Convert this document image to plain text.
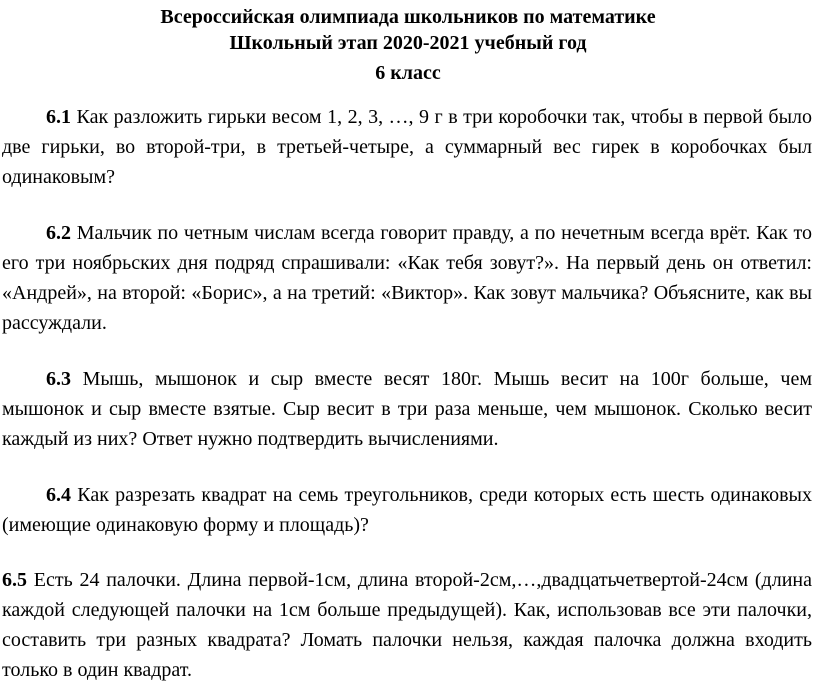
Всероссийская олимпиада школьников по математике
Школьный этап 2020-2021 учебный год
6 класс
6.1 Как разложить гирьки весом 1, 2, 3, …, 9 г в три коробочки так, чтобы в первой было две гирьки, во второй-три, в третьей-четыре, а суммарный вес гирек в коробочках был одинаковым?
6.2 Мальчик по четным числам всегда говорит правду, а по нечетным всегда врёт. Как то его три ноябрьских дня подряд спрашивали: «Как тебя зовут?». На первый день он ответил: «Андрей», на второй: «Борис», а на третий: «Виктор». Как зовут мальчика? Объясните, как вы рассуждали.
6.3 Мышь, мышонок и сыр вместе весят 180г. Мышь весит на 100г больше, чем мышонок и сыр вместе взятые. Сыр весит в три раза меньше, чем мышонок. Сколько весит каждый из них? Ответ нужно подтвердить вычислениями.
6.4 Как разрезать квадрат на семь треугольников, среди которых есть шесть одинаковых (имеющие одинаковую форму и площадь)?
6.5 Есть 24 палочки. Длина первой-1см, длина второй-2см,…,двадцатьчетвертой-24см (длина каждой следующей палочки на 1см больше предыдущей). Как, использовав все эти палочки, составить три разных квадрата? Ломать палочки нельзя, каждая палочка должна входить только в один квадрат.
